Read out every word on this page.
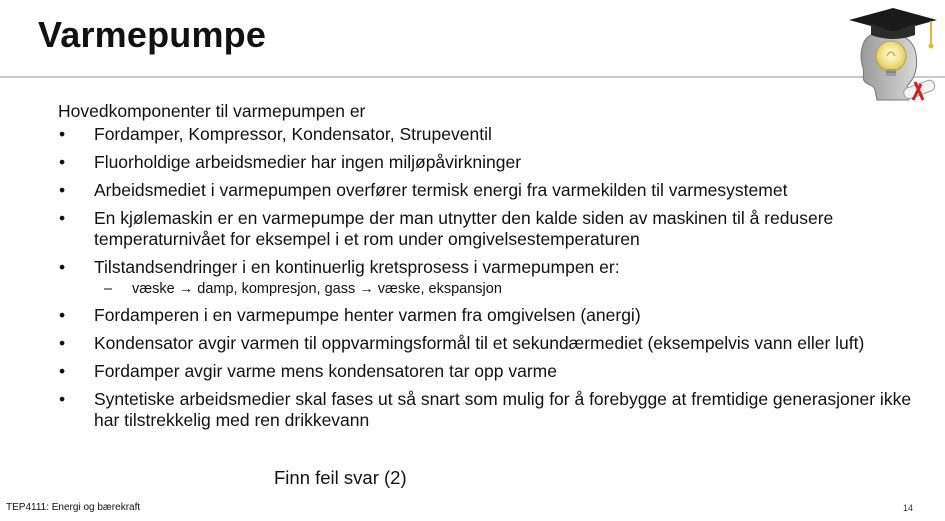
Varmepumpe
Hovedkomponenter til varmepumpen er
• Fordamper, Kompressor, Kondensator, Strupeventil
• Fluorholdige arbeidsmedier har ingen miljøpåvirkninger
• Arbeidsmediet i varmepumpen overfører termisk energi fra varmekilden til varmesystemet
• En kjølemaskin er en varmepumpe der man utnytter den kalde siden av maskinen til å redusere temperaturnivået for eksempel i et rom under omgivelsestemperaturen
• Tilstandsendringer i en kontinuerlig kretsprosess i varmepumpen er:
– væske → damp, kompresjon, gass → væske, ekspansjon
• Fordamperen i en varmepumpe henter varmen fra omgivelsen (anergi)
• Kondensator avgir varmen til oppvarmingsformål til et sekundærmediet (eksempelvis vann eller luft)
• Fordamper avgir varme mens kondensatoren tar opp varme
• Syntetiske arbeidsmedier skal fases ut så snart som mulig for å forebygge at fremtidige generasjoner ikke har tilstrekkelig med ren drikkevann
Finn feil svar (2)
TEP4111: Energi og bærekraft	14
